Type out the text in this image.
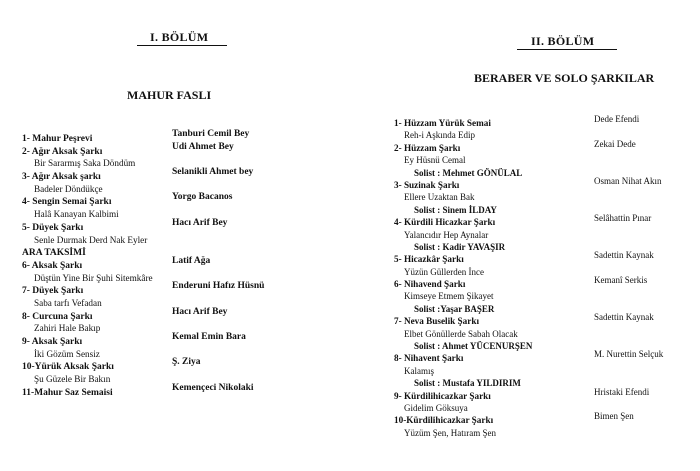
I. BÖLÜM
MAHUR FASLI
1- Mahur Peşrevi	Tanburi Cemil Bey
2- Ağır Aksak Şarkı	Udi Ahmet Bey
Bir Sararmış Saka Döndüm
3- Ağır Aksak şarkı	Selanikli Ahmet bey
Badeler Döndükçe
4- Sengin Semai Şarkı	Yorgo Bacanos
Halâ Kanayan Kalbimi
5- Düyek Şarkı	Hacı Arif Bey
Senle Durmak Derd Nak Eyler
ARA TAKSİMİ
6- Aksak Şarkı	Latif Ağa
Düştün Yine Bir Şuhi Sitemkâre
7- Düyek Şarkı	Enderuni Hafız Hüsnü
Saba tarfı Vefadan
8- Curcuna Şarkı	Hacı Arif Bey
Zahiri Hale Bakıp
9- Aksak Şarkı	Kemal Emin Bara
İki Gözüm Sensiz
10-Yürük Aksak Şarkı	Ş. Ziya
Şu Güzele Bir Bakın
11-Mahur Saz Semaisi	Kemençeci Nikolaki
II. BÖLÜM
BERABER VE SOLO ŞARKILAR
1- Hüzzam Yürük Semai	Dede Efendi
Reh-i Aşkında Edip
2- Hüzzam Şarkı	Zekai Dede
Ey Hüsnü Cemal
Solist : Mehmet GÖNÜLAL
3- Suzinak Şarkı	Osman Nihat Akın
Ellere Uzaktan Bak
Solist : Sinem İLDAY
4- Kürdili Hicazkar Şarkı	Selâhattin Pınar
Yalancıdır Hep Aynalar
Solist : Kadir YAVAŞIR
5- Hicazkâr Şarkı	Sadettin Kaynak
Yüzün Güllerden İnce
6- Nihavend Şarkı	Kemanî Serkis
Kimseye Etmem Şikayet
Solist :Yaşar BAŞER
7- Neva Buselik Şarkı	Sadettin Kaynak
Elbet Gönüllerde Sabah Olacak
Solist : Ahmet YÜCENURŞEN
8- Nihavent Şarkı	M. Nurettin Selçuk
Kalamış
Solist : Mustafa YILDIRIM
9- Kürdilihicazkar Şarkı	Hristaki Efendi
Gidelim Göksuya
10-Kürdilihicazkar Şarkı	Bimen Şen
Yüzüm Şen, Hatıram Şen
